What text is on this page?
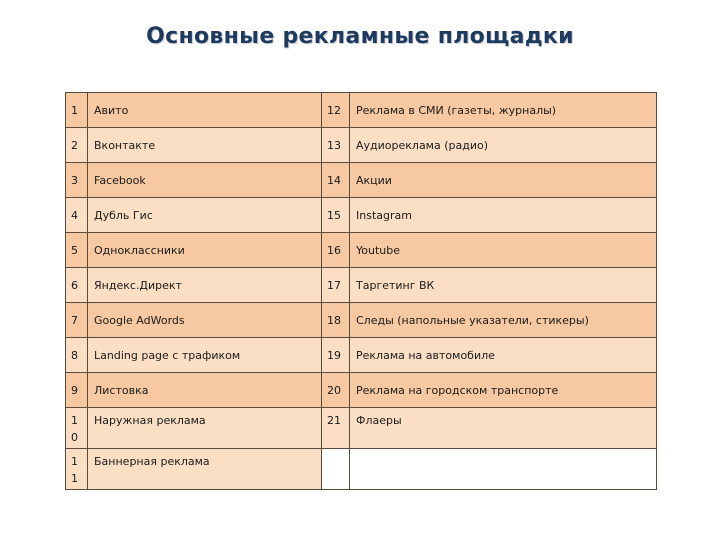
Основные рекламные площадки
1	Авито	12	Реклама в СМИ (газеты, журналы)
2	Вконтакте	13	Аудиореклама (радио)
3	Facebook	14	Акции
4	Дубль Гис	15	Instagram
5	Одноклассники	16	Youtube
6	Яндекс.Директ	17	Таргетинг ВК
7	Google AdWords	18	Следы (напольные указатели, стикеры)
8	Landing page с трафиком	19	Реклама на автомобиле
9	Листовка	20	Реклама на городском транспорте
1 0	Наружная реклама	21	Флаеры
1 1	Баннерная реклама		
